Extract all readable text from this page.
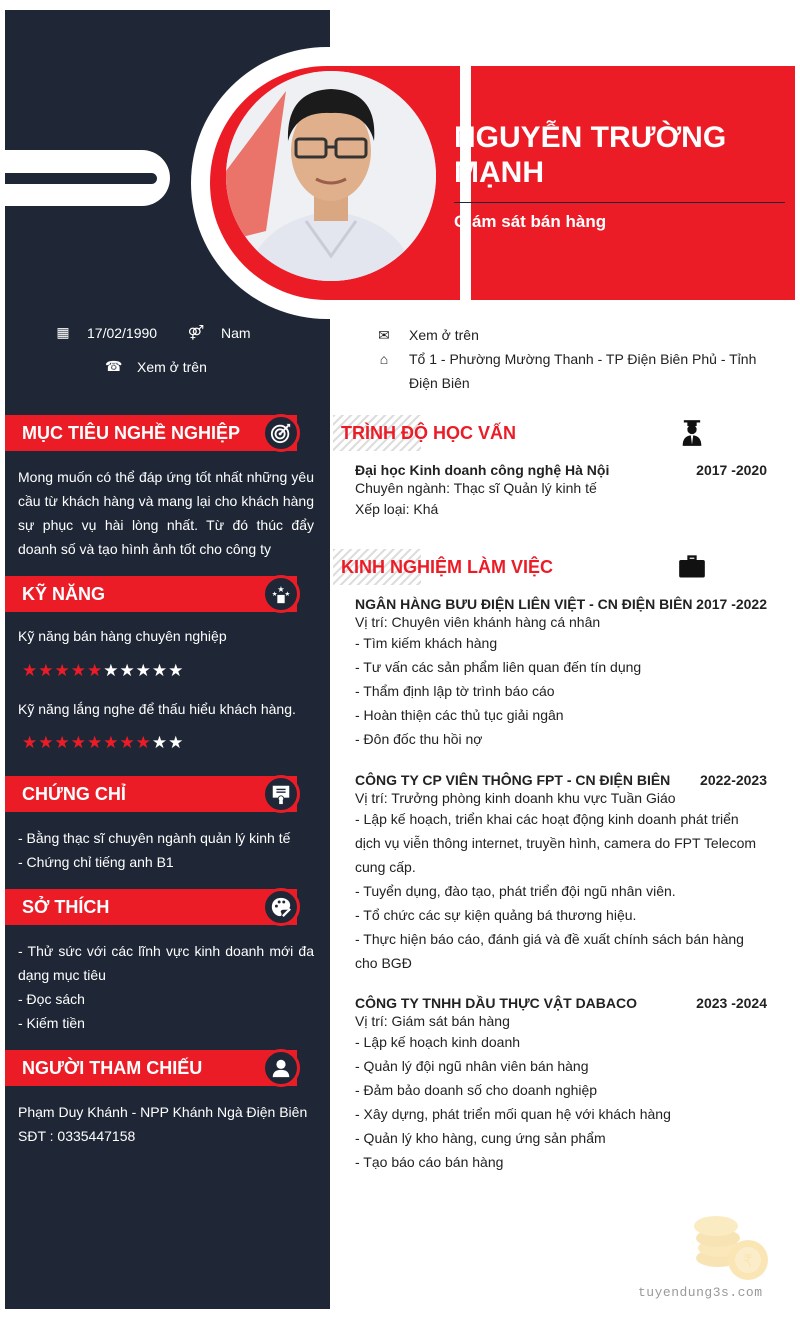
NGUYỄN TRƯỜNG MẠNH
Giám sát bán hàng
▦ 17/02/1990 ⚤ Nam
☎ Xem ở trên
✉ Xem ở trên
⌂	Tổ 1 - Phường Mường Thanh - TP Điện Biên Phủ - Tỉnh Điện Biên
MỤC TIÊU NGHỀ NGHIỆP
Mong muốn có thể đáp ứng tốt nhất những yêu cầu từ khách hàng và mang lại cho khách hàng sự phục vụ hài lòng nhất. Từ đó thúc đẩy doanh số và tạo hình ảnh tốt cho công ty
KỸ NĂNG	★
★ ★
Kỹ năng bán hàng chuyên nghiệp
★★★★★★★★★★
Kỹ năng lắng nghe để thấu hiểu khách hàng.
★★★★★★★★★★
CHỨNG CHỈ
- Bằng thạc sĩ chuyên ngành quản lý kinh tế
- Chứng chỉ tiếng anh B1
SỞ THÍCH
- Thử sức với các lĩnh vực kinh doanh mới đa dạng mục tiêu
- Đọc sách
- Kiếm tiền
NGƯỜI THAM CHIẾU
Phạm Duy Khánh - NPP Khánh Ngà Điện Biên
SĐT : 0335447158
TRÌNH ĐỘ HỌC VẤN
Đại học Kinh doanh công nghệ Hà Nội	2017 -2020
Chuyên ngành: Thạc sĩ Quản lý kinh tế
Xếp loại: Khá
KINH NGHIỆM LÀM VIỆC
NGÂN HÀNG BƯU ĐIỆN LIÊN VIỆT - CN ĐIỆN BIÊN 2017 -2022
Vị trí: Chuyên viên khánh hàng cá nhân
- Tìm kiếm khách hàng
- Tư vấn các sản phẩm liên quan đến tín dụng
- Thẩm định lập tờ trình báo cáo
- Hoàn thiện các thủ tục giải ngân
- Đôn đốc thu hồi nợ
CÔNG TY CP VIÊN THÔNG FPT - CN ĐIỆN BIÊN 2022-2023
Vị trí: Trưởng phòng kinh doanh khu vực Tuần Giáo
- Lập kế hoạch, triển khai các hoạt động kinh doanh phát triển dịch vụ viễn thông internet, truyền hình, camera do FPT Telecom cung cấp.
- Tuyển dụng, đào tạo, phát triển đội ngũ nhân viên.
- Tổ chức các sự kiện quảng bá thương hiệu.
- Thực hiện báo cáo, đánh giá và đề xuất chính sách bán hàng cho BGĐ
CÔNG TY TNHH DẦU THỰC VẬT DABACO	2023 -2024
Vị trí: Giám sát bán hàng
- Lập kế hoạch kinh doanh
- Quản lý đội ngũ nhân viên bán hàng
- Đảm bảo doanh số cho doanh nghiệp
- Xây dựng, phát triển mối quan hệ với khách hàng
- Quản lý kho hàng, cung ứng sản phẩm
- Tạo báo cáo bán hàng
₹
tuyendung3s.com
